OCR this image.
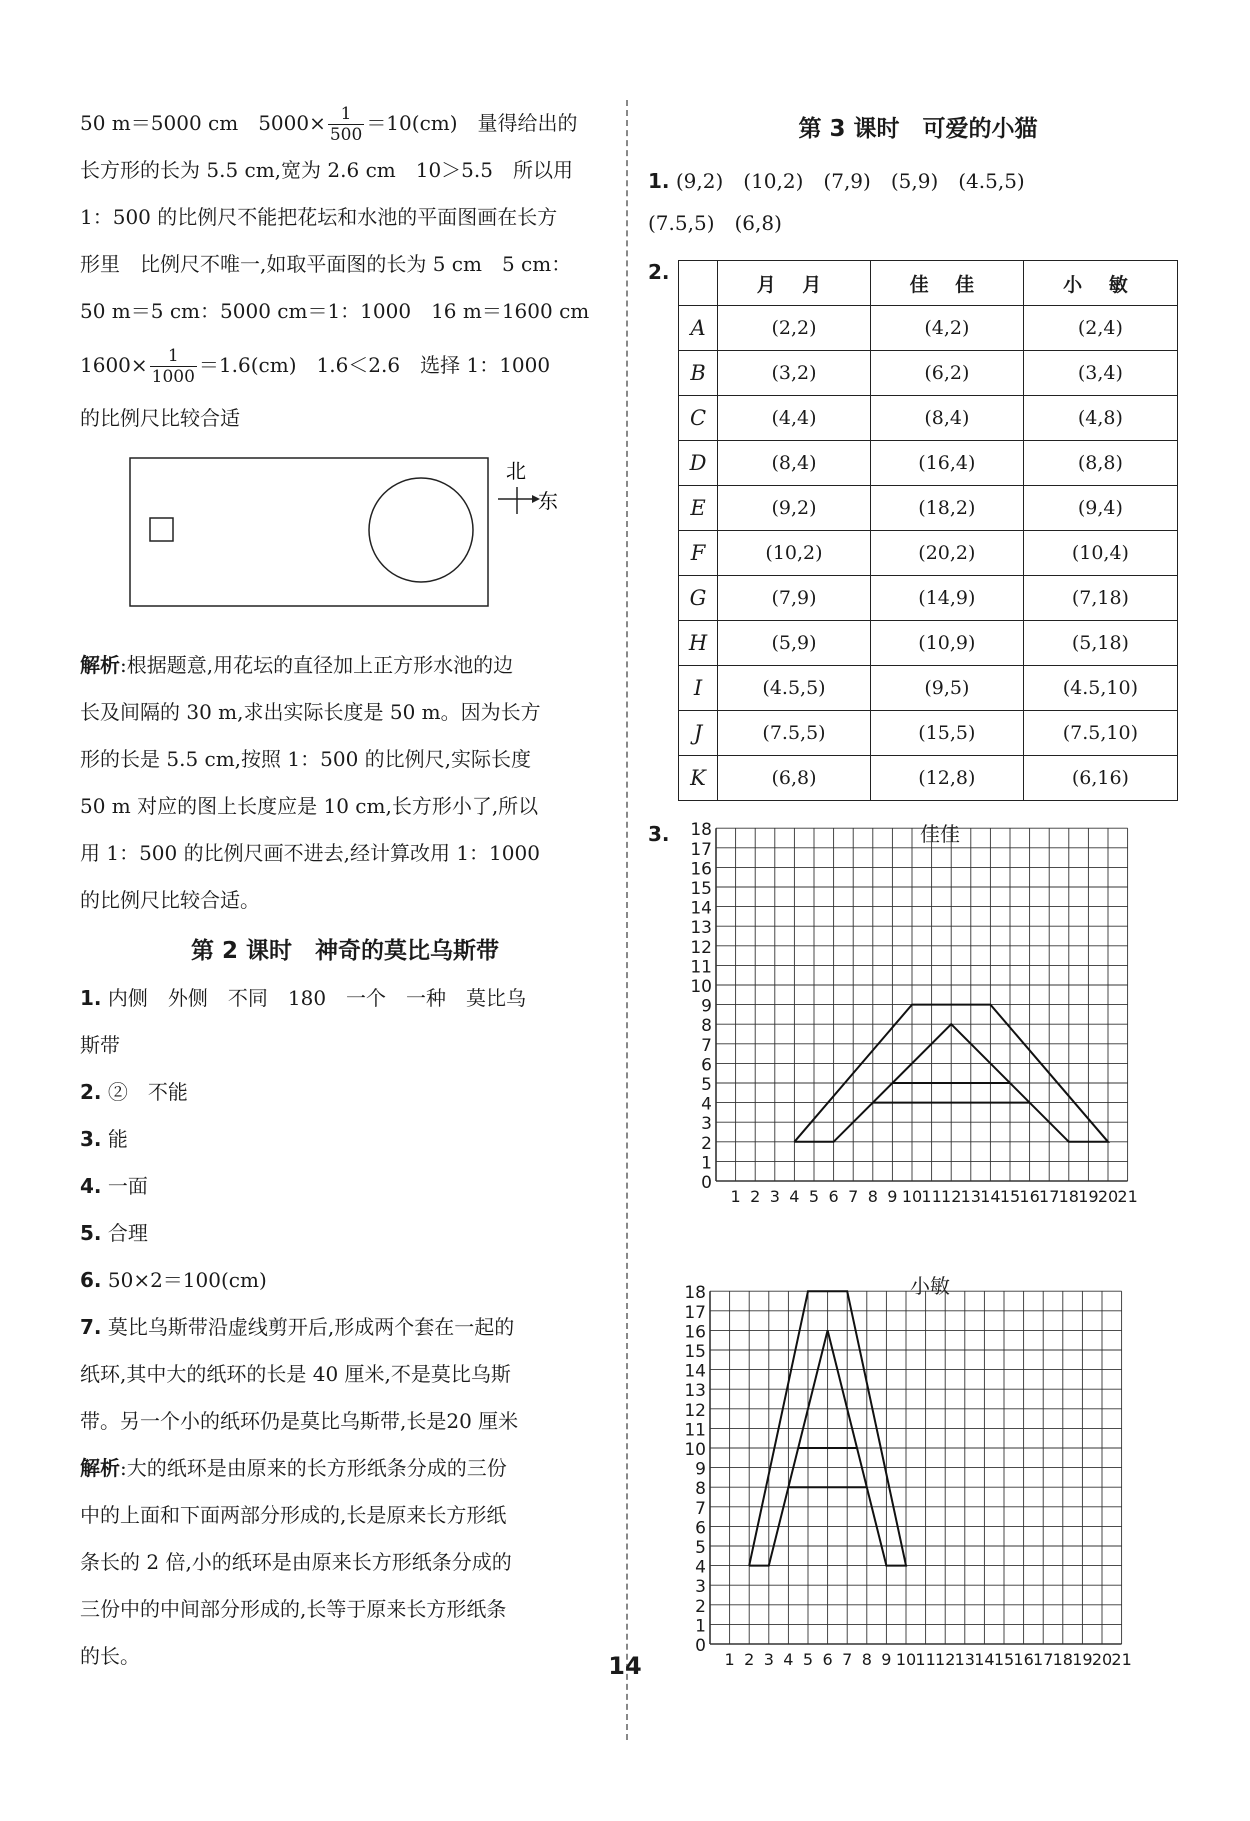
50 m＝5000 cm　$5000\times \frac{1}{500} =10(cm)$　量得给出的
长方形的长为 5.5 cm,宽为 2.6 cm　10＞5.5　所以用
1：500 的比例尺不能把花坛和水池的平面图画在长方
形里　比例尺不唯一,如取平面图的长为 5 cm　5 cm：
50 m＝5 cm：5000 cm＝1：1000　16 m＝1600 cm
$1600\times \frac{1}{1000} =1.6(cm)$　1.6＜2.6　选择 1：1000
的比例尺比较合适
北
东
解析:根据题意,用花坛的直径加上正方形水池的边
长及间隔的 30 m,求出实际长度是 50 m。因为长方
形的长是 5.5 cm,按照 1：500 的比例尺,实际长度
50 m 对应的图上长度应是 10 cm,长方形小了,所以
用 1：500 的比例尺画不进去,经计算改用 1：1000
的比例尺比较合适。
第 2 课时　神奇的莫比乌斯带
1. 内侧　外侧　不同　180　一个　一种　莫比乌
斯带
2. ②　不能
3. 能
4. 一面
5. 合理
6. 50×2＝100(cm)
7. 莫比乌斯带沿虚线剪开后,形成两个套在一起的
纸环,其中大的纸环的长是 40 厘米,不是莫比乌斯
带。另一个小的纸环仍是莫比乌斯带,长是20 厘米
解析:大的纸环是由原来的长方形纸条分成的三份
中的上面和下面两部分形成的,长是原来长方形纸
条长的 2 倍,小的纸环是由原来长方形纸条分成的
三份中的中间部分形成的,长等于原来长方形纸条
的长。
第 3 课时　可爱的小猫
1. (9,2)　(10,2)　(7,9)　(5,9)　(4.5,5)
(7.5,5)　(6,8)
2.
	月 月	佳 佳	小 敏
A	(2,2)	(4,2)	(2,4)
B	(3,2)	(6,2)	(3,4)
C	(4,4)	(8,4)	(4,8)
D	(8,4)	(16,4)	(8,8)
E	(9,2)	(18,2)	(9,4)
F	(10,2)	(20,2)	(10,4)
G	(7,9)	(14,9)	(7,18)
H	(5,9)	(10,9)	(5,18)
I	(4.5,5)	(9,5)	(4.5,10)
J	(7.5,5)	(15,5)	(7.5,10)
K	(6,8)	(12,8)	(6,16)
3.	佳佳
0
1
2
3
4
5
6
7
8
9
10
11
12
13
14
15
16
17
18
1 2 3 4 5 6 7 8 9 10 11 12 13 14 15 16 17 18 19 20 21
小敏
0
1
2
3
4
5
6
7
8
9
10
11
12
13
14
15
16
17
18
1 2 3 4 5 6 7 8 9 10 11 12 13 14 15 16 17 18 19 20 21
14
